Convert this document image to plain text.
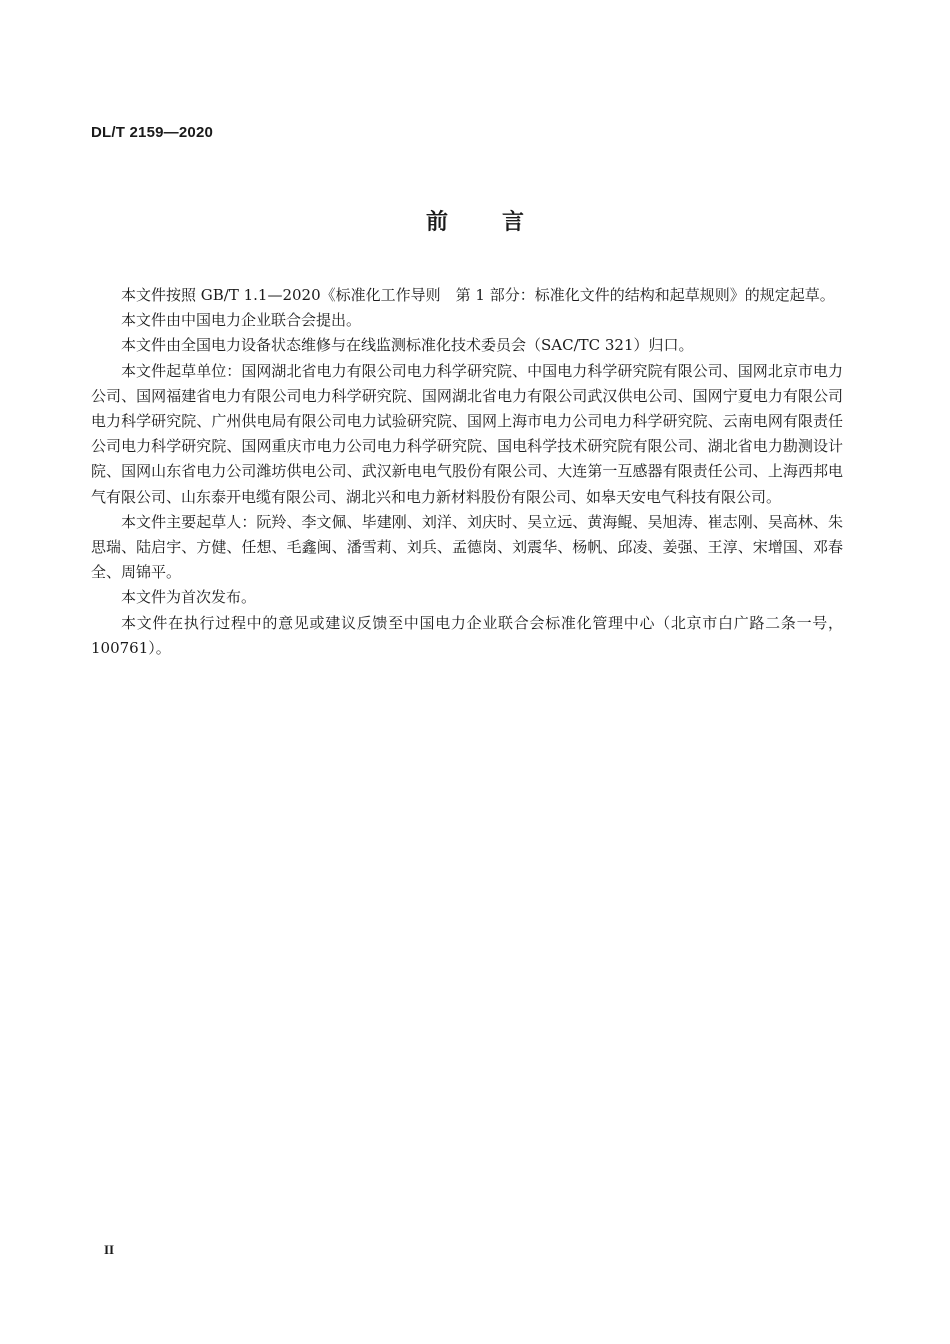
DL/T 2159—2020
前 言

本文件按照 GB/T 1.1—2020《标准化工作导则　第 1 部分：标准化文件的结构和起草规则》的规定起草。

本文件由中国电力企业联合会提出。

本文件由全国电力设备状态维修与在线监测标准化技术委员会（SAC/TC 321）归口。

本文件起草单位：国网湖北省电力有限公司电力科学研究院、中国电力科学研究院有限公司、国网北京市电力公司、国网福建省电力有限公司电力科学研究院、国网湖北省电力有限公司武汉供电公司、国网宁夏电力有限公司电力科学研究院、广州供电局有限公司电力试验研究院、国网上海市电力公司电力科学研究院、云南电网有限责任公司电力科学研究院、国网重庆市电力公司电力科学研究院、国电科学技术研究院有限公司、湖北省电力勘测设计院、国网山东省电力公司潍坊供电公司、武汉新电电气股份有限公司、大连第一互感器有限责任公司、上海西邦电气有限公司、山东泰开电缆有限公司、湖北兴和电力新材料股份有限公司、如皋天安电气科技有限公司。

本文件主要起草人：阮羚、李文佩、毕建刚、刘洋、刘庆时、吴立远、黄海鲲、吴旭涛、崔志刚、吴高林、朱思瑞、陆启宇、方健、任想、毛鑫闽、潘雪莉、刘兵、孟德岗、刘震华、杨帆、邱凌、姜强、王淳、宋增国、邓春全、周锦平。

本文件为首次发布。

本文件在执行过程中的意见或建议反馈至中国电力企业联合会标准化管理中心（北京市白广路二条一号，100761）。

II
